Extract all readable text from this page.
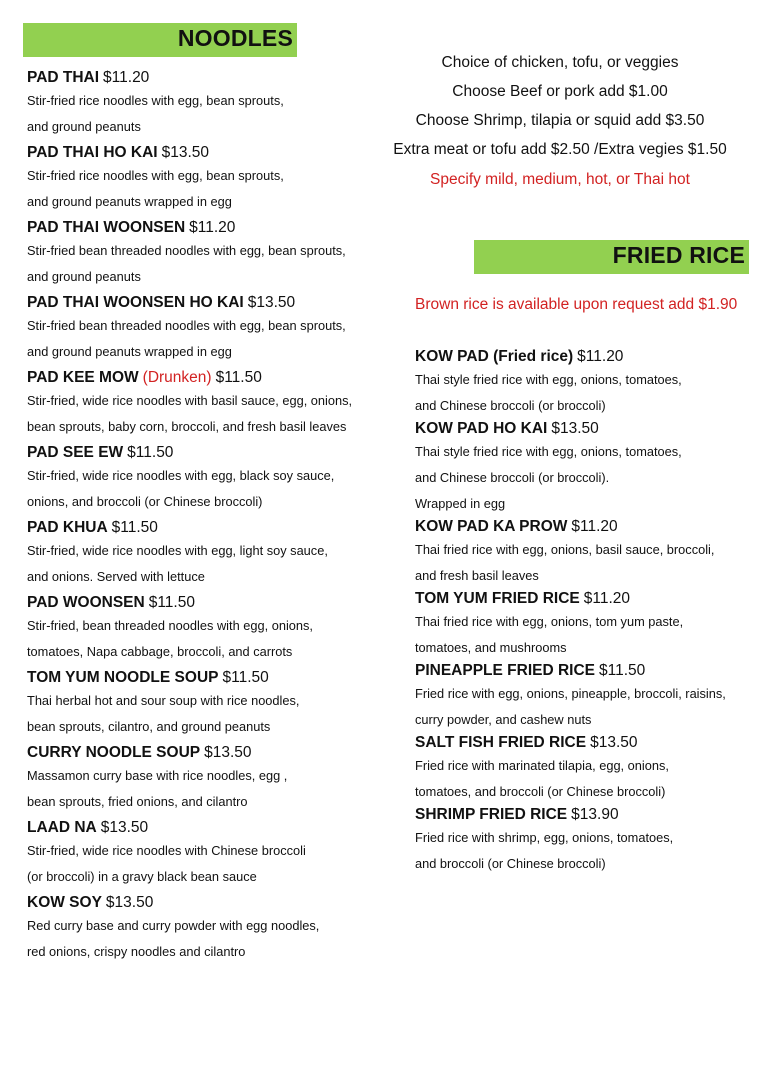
NOODLES
PAD THAI $11.20
Stir-fried rice noodles with egg, bean sprouts,
and ground peanuts
PAD THAI HO KAI $13.50
Stir-fried rice noodles with egg, bean sprouts,
and ground peanuts wrapped in egg
PAD THAI WOONSEN $11.20
Stir-fried bean threaded noodles with egg, bean sprouts,
and ground peanuts
PAD THAI WOONSEN HO KAI $13.50
Stir-fried bean threaded noodles with egg, bean sprouts,
and ground peanuts wrapped in egg
PAD KEE MOW (Drunken) $11.50
Stir-fried, wide rice noodles with basil sauce, egg, onions,
bean sprouts, baby corn, broccoli, and fresh basil leaves
PAD SEE EW $11.50
Stir-fried, wide rice noodles with egg, black soy sauce,
onions, and broccoli (or Chinese broccoli)
PAD KHUA $11.50
Stir-fried, wide rice noodles with egg, light soy sauce,
and onions. Served with lettuce
PAD WOONSEN $11.50
Stir-fried, bean threaded noodles with egg, onions,
tomatoes, Napa cabbage, broccoli, and carrots
TOM YUM NOODLE SOUP $11.50
Thai herbal hot and sour soup with rice noodles,
bean sprouts, cilantro, and ground peanuts
CURRY NOODLE SOUP $13.50
Massamon curry base with rice noodles, egg ,
bean sprouts, fried onions, and cilantro
LAAD NA $13.50
Stir-fried, wide rice noodles with Chinese broccoli
(or broccoli) in a gravy black bean sauce
KOW SOY $13.50
Red curry base and curry powder with egg noodles,
red onions, crispy noodles and cilantro
Choice of chicken, tofu, or veggies
Choose Beef or pork add $1.00
Choose Shrimp, tilapia or squid add $3.50
Extra meat or tofu add $2.50 /Extra vegies $1.50
Specify mild, medium, hot, or Thai hot
FRIED RICE
Brown rice is available upon request add $1.90
KOW PAD (Fried rice) $11.20
Thai style fried rice with egg, onions, tomatoes,
and Chinese broccoli (or broccoli)
KOW PAD HO KAI $13.50
Thai style fried rice with egg, onions, tomatoes,
and Chinese broccoli (or broccoli).
Wrapped in egg
KOW PAD KA PROW $11.20
Thai fried rice with egg, onions, basil sauce, broccoli,
and fresh basil leaves
TOM YUM FRIED RICE $11.20
Thai fried rice with egg, onions, tom yum paste,
tomatoes, and mushrooms
PINEAPPLE FRIED RICE $11.50
Fried rice with egg, onions, pineapple, broccoli, raisins,
curry powder, and cashew nuts
SALT FISH FRIED RICE $13.50
Fried rice with marinated tilapia, egg, onions,
tomatoes, and broccoli (or Chinese broccoli)
SHRIMP FRIED RICE $13.90
Fried rice with shrimp, egg, onions, tomatoes,
and broccoli (or Chinese broccoli)
